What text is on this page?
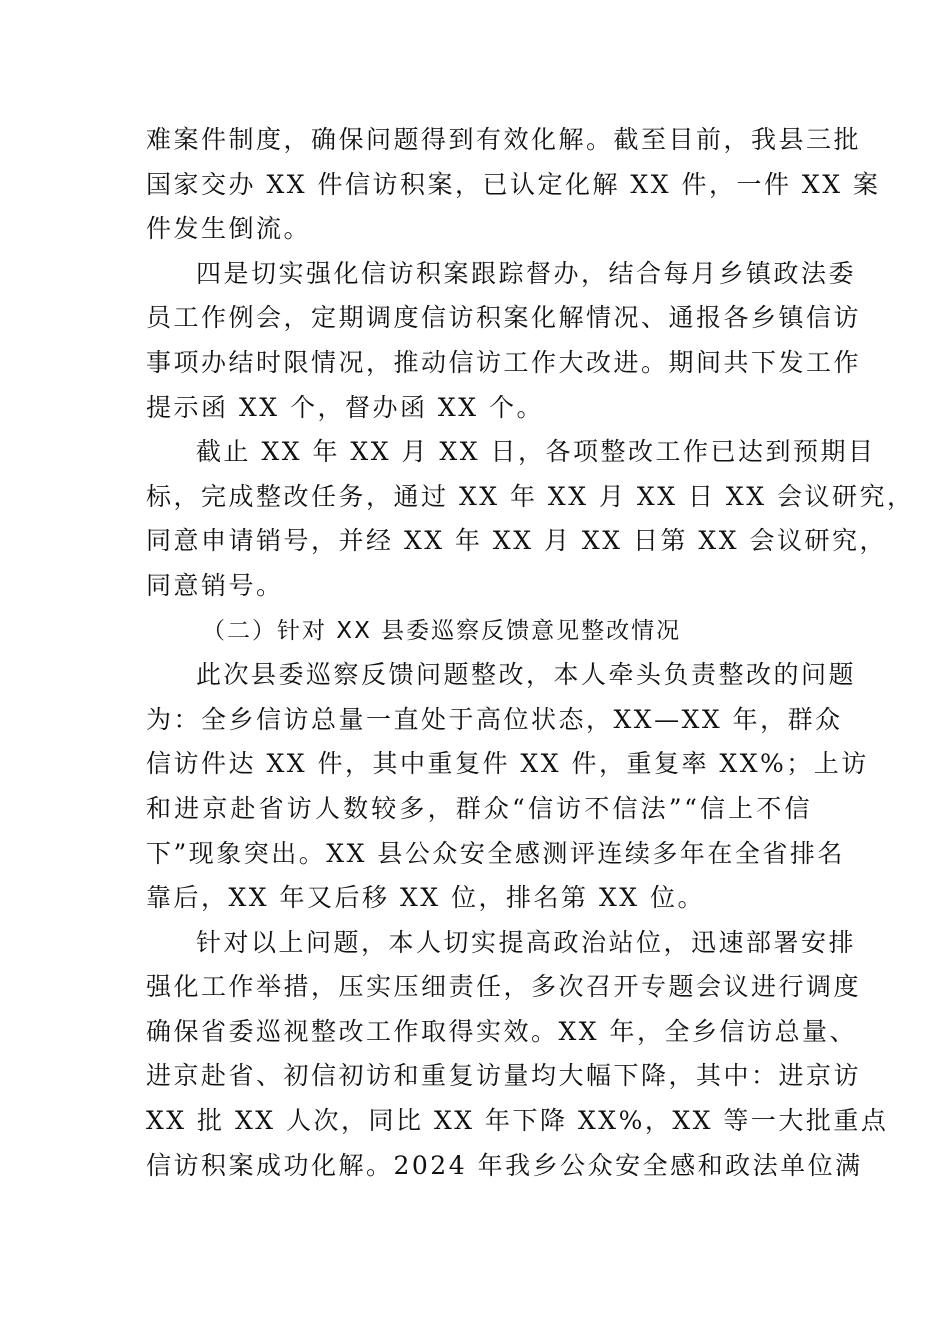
难案件制度，确保问题得到有效化解。截至目前，我县三批
国家交办 XX 件信访积案，已认定化解 XX 件，一件 XX 案
件发生倒流。
四是切实强化信访积案跟踪督办，结合每月乡镇政法委
员工作例会，定期调度信访积案化解情况、通报各乡镇信访
事项办结时限情况，推动信访工作大改进。期间共下发工作
提示函 XX 个，督办函 XX 个。
截止 XX 年 XX 月 XX 日，各项整改工作已达到预期目
标，完成整改任务，通过 XX 年 XX 月 XX 日 XX 会议研究，
同意申请销号，并经 XX 年 XX 月 XX 日第 XX 会议研究，
同意销号。
（二）针对 XX 县委巡察反馈意见整改情况
此次县委巡察反馈问题整改，本人牵头负责整改的问题
为：全乡信访总量一直处于高位状态，XX—XX 年，群众
信访件达 XX 件，其中重复件 XX 件，重复率 XX%；上访
和进京赴省访人数较多，群众“信访不信法”“信上不信
下”现象突出。XX 县公众安全感测评连续多年在全省排名
靠后，XX 年又后移 XX 位，排名第 XX 位。
针对以上问题，本人切实提高政治站位，迅速部署安排
强化工作举措，压实压细责任，多次召开专题会议进行调度
确保省委巡视整改工作取得实效。XX 年，全乡信访总量、
进京赴省、初信初访和重复访量均大幅下降，其中：进京访
XX 批 XX 人次，同比 XX 年下降 XX%，XX 等一大批重点
信访积案成功化解。2024 年我乡公众安全感和政法单位满
